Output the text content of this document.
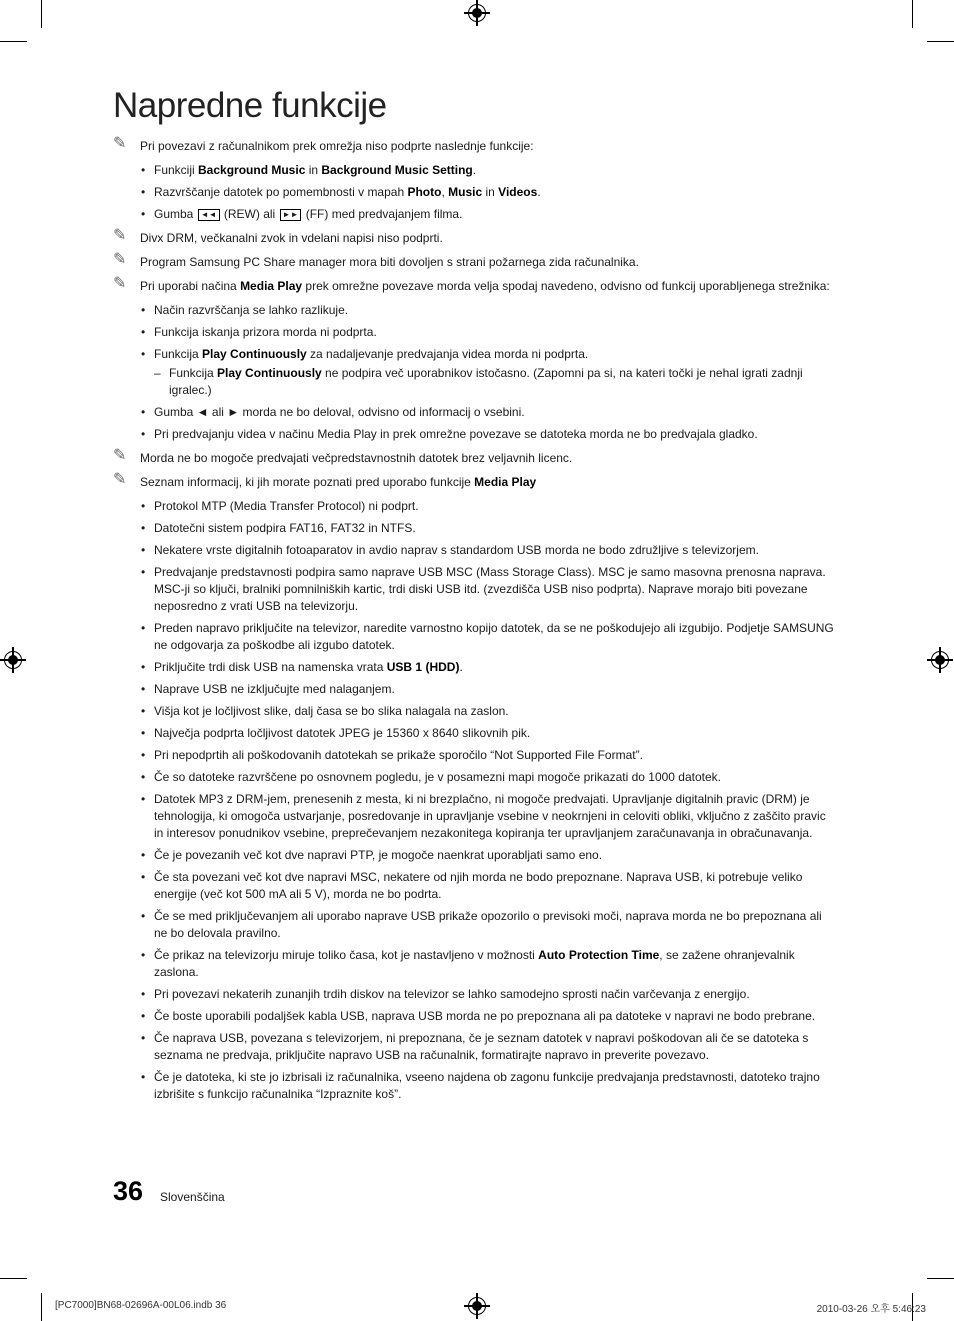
Napredne funkcije
✎ Pri povezavi z računalnikom prek omrežja niso podprte naslednje funkcije:
• Funkciji Background Music in Background Music Setting.
• Razvrščanje datotek po pomembnosti v mapah Photo, Music in Videos.
• Gumba ◄◄ (REW) ali ►► (FF) med predvajanjem filma.
✎ Divx DRM, večkanalni zvok in vdelani napisi niso podprti.
✎ Program Samsung PC Share manager mora biti dovoljen s strani požarnega zida računalnika.
✎ Pri uporabi načina Media Play prek omrežne povezave morda velja spodaj navedeno, odvisno od funkcij uporabljenega strežnika:
• Način razvrščanja se lahko razlikuje.
• Funkcija iskanja prizora morda ni podprta.
• Funkcija Play Continuously za nadaljevanje predvajanja videa morda ni podprta.
– Funkcija Play Continuously ne podpira več uporabnikov istočasno. (Zapomni pa si, na kateri točki je nehal igrati zadnji igralec.)
• Gumba ◄ ali ► morda ne bo deloval, odvisno od informacij o vsebini.
• Pri predvajanju videa v načinu Media Play in prek omrežne povezave se datoteka morda ne bo predvajala gladko.
✎ Morda ne bo mogoče predvajati večpredstavnostnih datotek brez veljavnih licenc.
✎ Seznam informacij, ki jih morate poznati pred uporabo funkcije Media Play
• Protokol MTP (Media Transfer Protocol) ni podprt.
• Datotečni sistem podpira FAT16, FAT32 in NTFS.
• Nekatere vrste digitalnih fotoaparatov in avdio naprav s standardom USB morda ne bodo združljive s televizorjem.
• Predvajanje predstavnosti podpira samo naprave USB MSC (Mass Storage Class). MSC je samo masovna prenosna naprava. MSC-ji so ključi, bralniki pomnilniških kartic, trdi diski USB itd. (zvezdišča USB niso podprta). Naprave morajo biti povezane neposredno z vrati USB na televizorju.
• Preden napravo priključite na televizor, naredite varnostno kopijo datotek, da se ne poškodujejo ali izgubijo. Podjetje SAMSUNG ne odgovarja za poškodbe ali izgubo datotek.
• Priključite trdi disk USB na namenska vrata USB 1 (HDD).
• Naprave USB ne izključujte med nalaganjem.
• Višja kot je ločljivost slike, dalj časa se bo slika nalagala na zaslon.
• Največja podprta ločljivost datotek JPEG je 15360 x 8640 slikovnih pik.
• Pri nepodprtih ali poškodovanih datotekah se prikaže sporočilo “Not Supported File Format”.
• Če so datoteke razvrščene po osnovnem pogledu, je v posamezni mapi mogoče prikazati do 1000 datotek.
• Datotek MP3 z DRM-jem, prenesenih z mesta, ki ni brezplačno, ni mogoče predvajati. Upravljanje digitalnih pravic (DRM) je tehnologija, ki omogoča ustvarjanje, posredovanje in upravljanje vsebine v neokrnjeni in celoviti obliki, vključno z zaščito pravic in interesov ponudnikov vsebine, preprečevanjem nezakonitega kopiranja ter upravljanjem zaračunavanja in obračunavanja.
• Če je povezanih več kot dve napravi PTP, je mogoče naenkrat uporabljati samo eno.
• Če sta povezani več kot dve napravi MSC, nekatere od njih morda ne bodo prepoznane. Naprava USB, ki potrebuje veliko energije (več kot 500 mA ali 5 V), morda ne bo podrta.
• Če se med priključevanjem ali uporabo naprave USB prikaže opozorilo o previsoki moči, naprava morda ne bo prepoznana ali ne bo delovala pravilno.
• Če prikaz na televizorju miruje toliko časa, kot je nastavljeno v možnosti Auto Protection Time, se zažene ohranjevalnik zaslona.
• Pri povezavi nekaterih zunanjih trdih diskov na televizor se lahko samodejno sprosti način varčevanja z energijo.
• Če boste uporabili podaljšek kabla USB, naprava USB morda ne po prepoznana ali pa datoteke v napravi ne bodo prebrane.
• Če naprava USB, povezana s televizorjem, ni prepoznana, če je seznam datotek v napravi poškodovan ali če se datoteka s seznama ne predvaja, priključite napravo USB na računalnik, formatirajte napravo in preverite povezavo.
• Če je datoteka, ki ste jo izbrisali iz računalnika, vseeno najdena ob zagonu funkcije predvajanja predstavnosti, datoteko trajno izbrišite s funkcijo računalnika “Izpraznite koš”.
36 Slovenščina
[PC7000]BN68-02696A-00L06.indb 36	2010-03-26 오후 5:46:23
